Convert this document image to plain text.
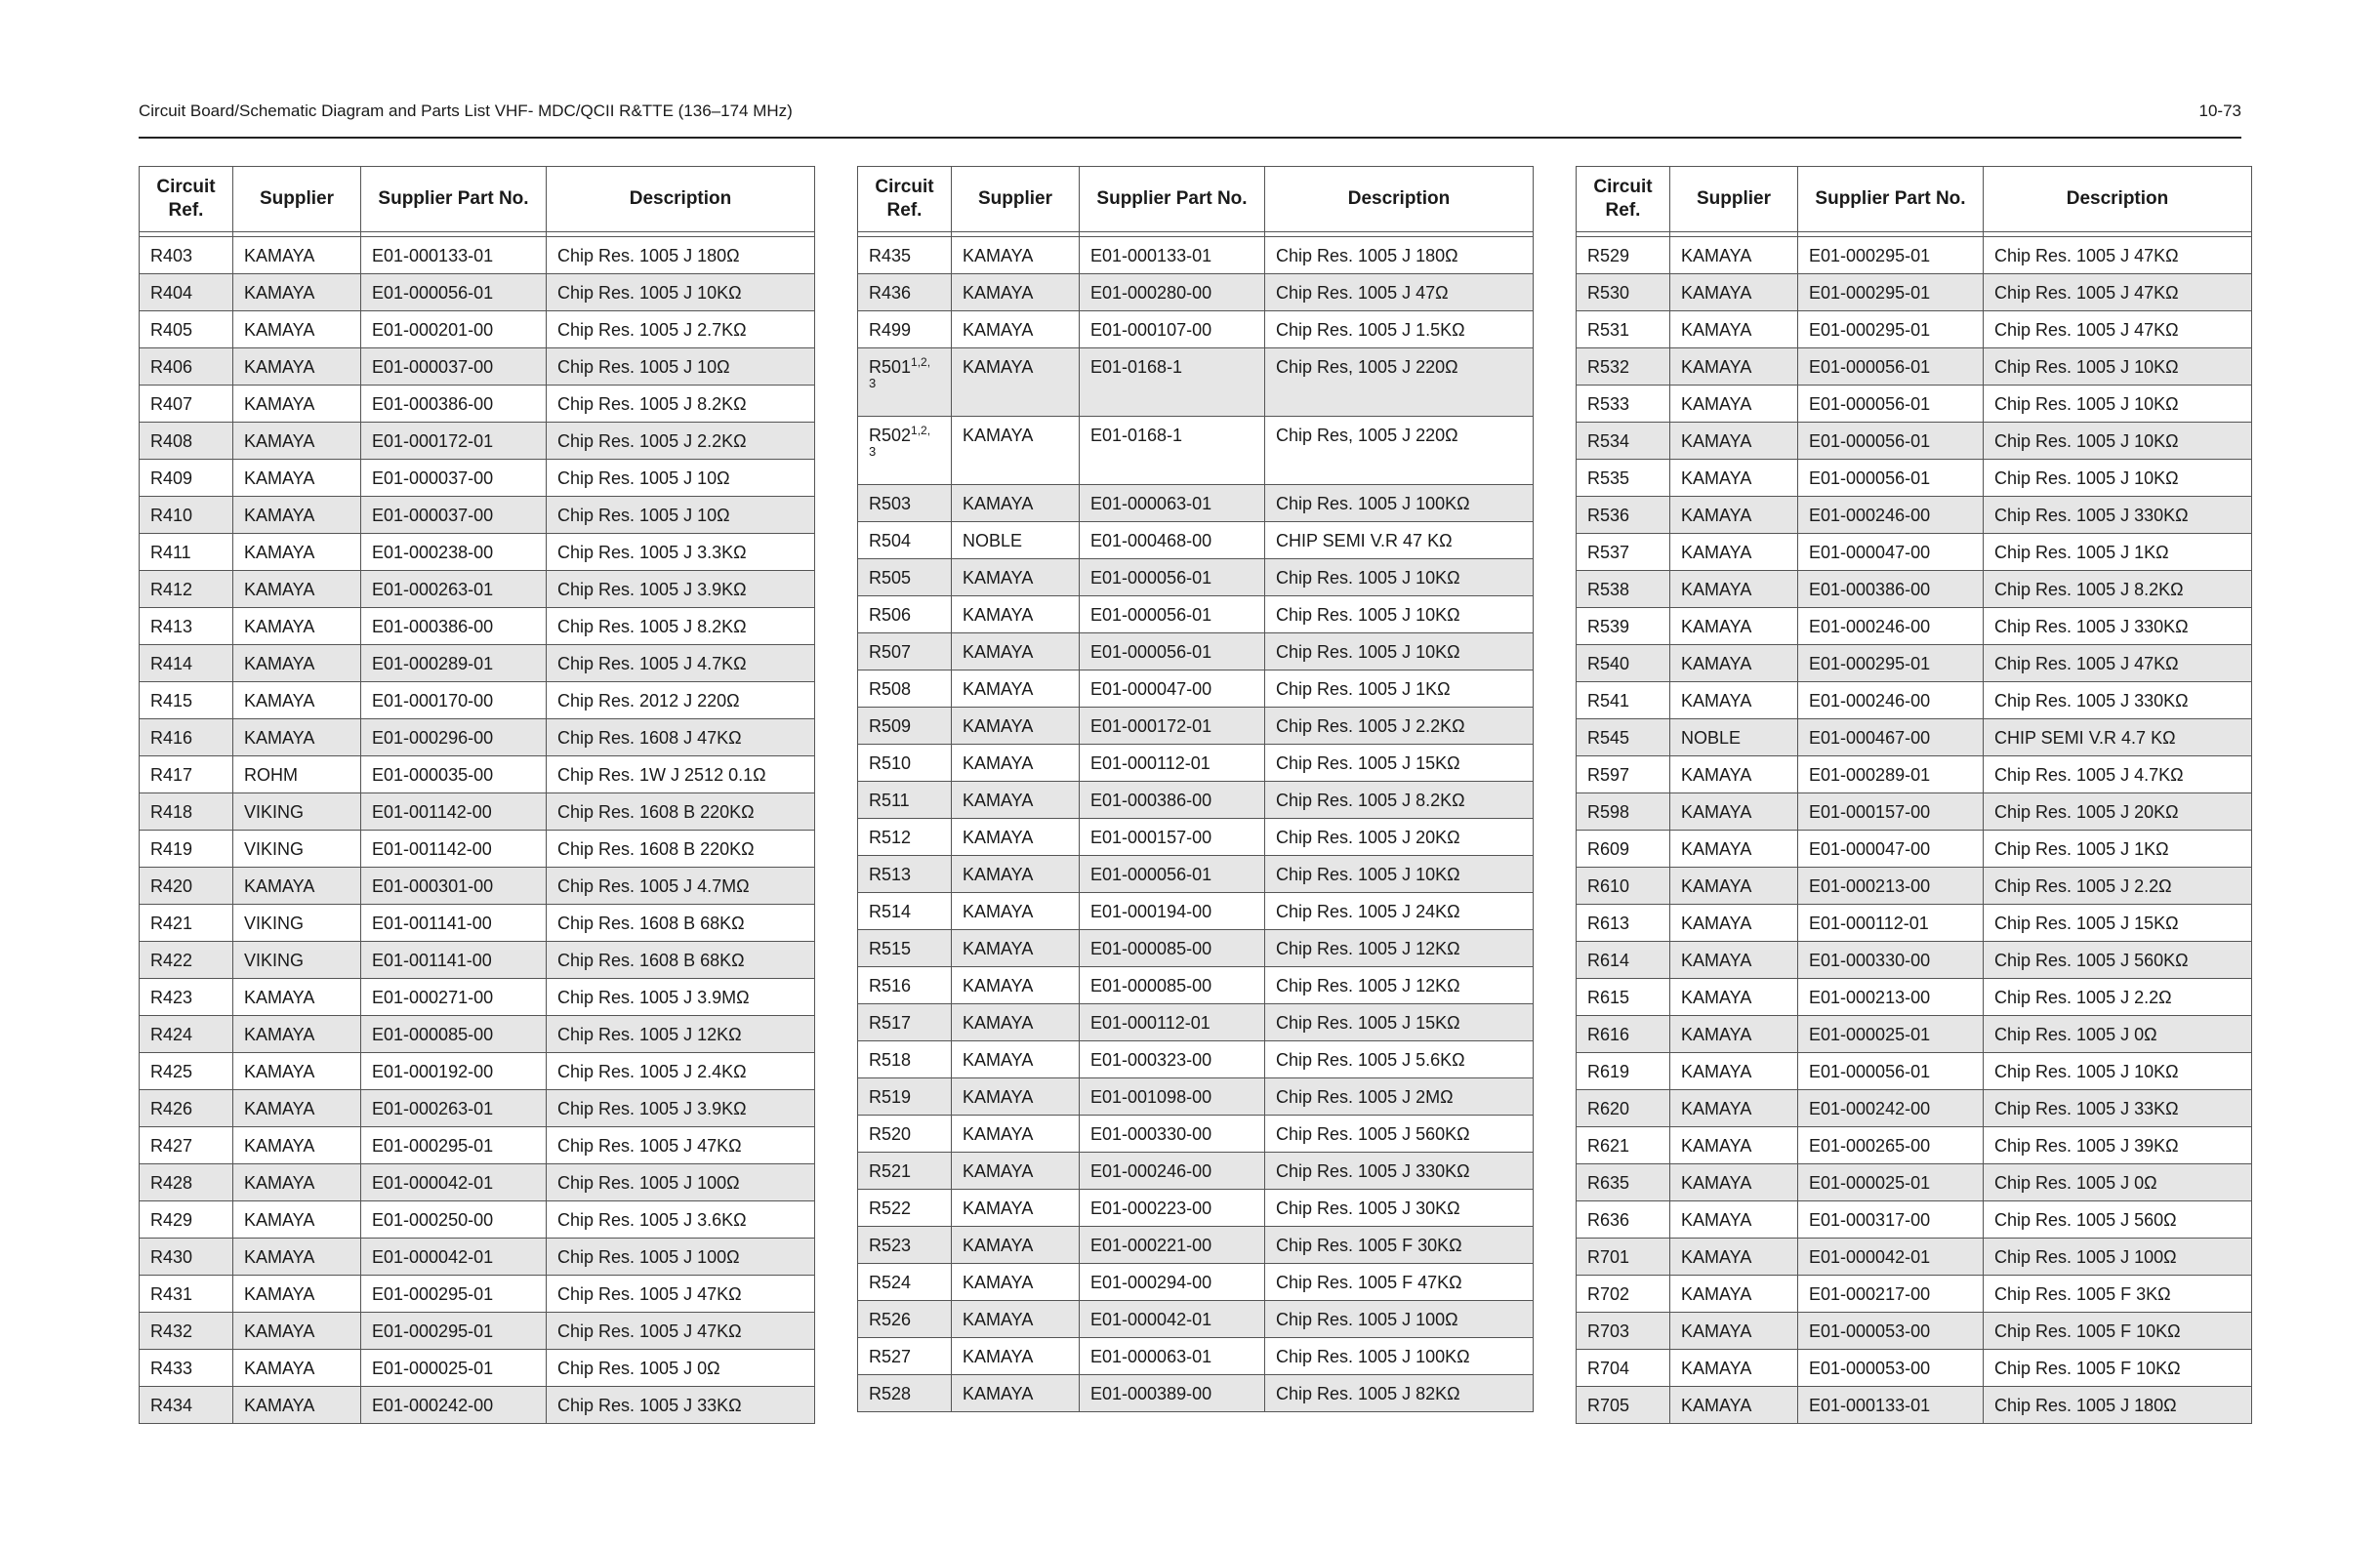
Circuit Board/Schematic Diagram and Parts List VHF- MDC/QCII R&TTE (136–174 MHz)	10-73
Circuit Ref.	Supplier	Supplier Part No.	Description

R403	KAMAYA	E01-000133-01	Chip Res. 1005 J 180Ω
R404	KAMAYA	E01-000056-01	Chip Res. 1005 J 10KΩ
R405	KAMAYA	E01-000201-00	Chip Res. 1005 J 2.7KΩ
R406	KAMAYA	E01-000037-00	Chip Res. 1005 J 10Ω
R407	KAMAYA	E01-000386-00	Chip Res. 1005 J 8.2KΩ
R408	KAMAYA	E01-000172-01	Chip Res. 1005 J 2.2KΩ
R409	KAMAYA	E01-000037-00	Chip Res. 1005 J 10Ω
R410	KAMAYA	E01-000037-00	Chip Res. 1005 J 10Ω
R411	KAMAYA	E01-000238-00	Chip Res. 1005 J 3.3KΩ
R412	KAMAYA	E01-000263-01	Chip Res. 1005 J 3.9KΩ
R413	KAMAYA	E01-000386-00	Chip Res. 1005 J 8.2KΩ
R414	KAMAYA	E01-000289-01	Chip Res. 1005 J 4.7KΩ
R415	KAMAYA	E01-000170-00	Chip Res. 2012 J 220Ω
R416	KAMAYA	E01-000296-00	Chip Res. 1608 J 47KΩ
R417	ROHM	E01-000035-00	Chip Res. 1W J 2512 0.1Ω
R418	VIKING	E01-001142-00	Chip Res. 1608 B 220KΩ
R419	VIKING	E01-001142-00	Chip Res. 1608 B 220KΩ
R420	KAMAYA	E01-000301-00	Chip Res. 1005 J 4.7MΩ
R421	VIKING	E01-001141-00	Chip Res. 1608 B 68KΩ
R422	VIKING	E01-001141-00	Chip Res. 1608 B 68KΩ
R423	KAMAYA	E01-000271-00	Chip Res. 1005 J 3.9MΩ
R424	KAMAYA	E01-000085-00	Chip Res. 1005 J 12KΩ
R425	KAMAYA	E01-000192-00	Chip Res. 1005 J 2.4KΩ
R426	KAMAYA	E01-000263-01	Chip Res. 1005 J 3.9KΩ
R427	KAMAYA	E01-000295-01	Chip Res. 1005 J 47KΩ
R428	KAMAYA	E01-000042-01	Chip Res. 1005 J 100Ω
R429	KAMAYA	E01-000250-00	Chip Res. 1005 J 3.6KΩ
R430	KAMAYA	E01-000042-01	Chip Res. 1005 J 100Ω
R431	KAMAYA	E01-000295-01	Chip Res. 1005 J 47KΩ
R432	KAMAYA	E01-000295-01	Chip Res. 1005 J 47KΩ
R433	KAMAYA	E01-000025-01	Chip Res. 1005 J 0Ω
R434	KAMAYA	E01-000242-00	Chip Res. 1005 J 33KΩ
Circuit Ref.	Supplier	Supplier Part No.	Description

R435	KAMAYA	E01-000133-01	Chip Res. 1005 J 180Ω
R436	KAMAYA	E01-000280-00	Chip Res. 1005 J 47Ω
R499	KAMAYA	E01-000107-00	Chip Res. 1005 J 1.5KΩ
$R501^{1,2,}$
3	KAMAYA	E01-0168-1	Chip Res, 1005 J 220Ω
$R502^{1,2,}$
3	KAMAYA	E01-0168-1	Chip Res, 1005 J 220Ω
R503	KAMAYA	E01-000063-01	Chip Res. 1005 J 100KΩ
R504	NOBLE	E01-000468-00	CHIP SEMI V.R 47 KΩ
R505	KAMAYA	E01-000056-01	Chip Res. 1005 J 10KΩ
R506	KAMAYA	E01-000056-01	Chip Res. 1005 J 10KΩ
R507	KAMAYA	E01-000056-01	Chip Res. 1005 J 10KΩ
R508	KAMAYA	E01-000047-00	Chip Res. 1005 J 1KΩ
R509	KAMAYA	E01-000172-01	Chip Res. 1005 J 2.2KΩ
R510	KAMAYA	E01-000112-01	Chip Res. 1005 J 15KΩ
R511	KAMAYA	E01-000386-00	Chip Res. 1005 J 8.2KΩ
R512	KAMAYA	E01-000157-00	Chip Res. 1005 J 20KΩ
R513	KAMAYA	E01-000056-01	Chip Res. 1005 J 10KΩ
R514	KAMAYA	E01-000194-00	Chip Res. 1005 J 24KΩ
R515	KAMAYA	E01-000085-00	Chip Res. 1005 J 12KΩ
R516	KAMAYA	E01-000085-00	Chip Res. 1005 J 12KΩ
R517	KAMAYA	E01-000112-01	Chip Res. 1005 J 15KΩ
R518	KAMAYA	E01-000323-00	Chip Res. 1005 J 5.6KΩ
R519	KAMAYA	E01-001098-00	Chip Res. 1005 J 2MΩ
R520	KAMAYA	E01-000330-00	Chip Res. 1005 J 560KΩ
R521	KAMAYA	E01-000246-00	Chip Res. 1005 J 330KΩ
R522	KAMAYA	E01-000223-00	Chip Res. 1005 J 30KΩ
R523	KAMAYA	E01-000221-00	Chip Res. 1005 F 30KΩ
R524	KAMAYA	E01-000294-00	Chip Res. 1005 F 47KΩ
R526	KAMAYA	E01-000042-01	Chip Res. 1005 J 100Ω
R527	KAMAYA	E01-000063-01	Chip Res. 1005 J 100KΩ
R528	KAMAYA	E01-000389-00	Chip Res. 1005 J 82KΩ
Circuit Ref.	Supplier	Supplier Part No.	Description

R529	KAMAYA	E01-000295-01	Chip Res. 1005 J 47KΩ
R530	KAMAYA	E01-000295-01	Chip Res. 1005 J 47KΩ
R531	KAMAYA	E01-000295-01	Chip Res. 1005 J 47KΩ
R532	KAMAYA	E01-000056-01	Chip Res. 1005 J 10KΩ
R533	KAMAYA	E01-000056-01	Chip Res. 1005 J 10KΩ
R534	KAMAYA	E01-000056-01	Chip Res. 1005 J 10KΩ
R535	KAMAYA	E01-000056-01	Chip Res. 1005 J 10KΩ
R536	KAMAYA	E01-000246-00	Chip Res. 1005 J 330KΩ
R537	KAMAYA	E01-000047-00	Chip Res. 1005 J 1KΩ
R538	KAMAYA	E01-000386-00	Chip Res. 1005 J 8.2KΩ
R539	KAMAYA	E01-000246-00	Chip Res. 1005 J 330KΩ
R540	KAMAYA	E01-000295-01	Chip Res. 1005 J 47KΩ
R541	KAMAYA	E01-000246-00	Chip Res. 1005 J 330KΩ
R545	NOBLE	E01-000467-00	CHIP SEMI V.R 4.7 KΩ
R597	KAMAYA	E01-000289-01	Chip Res. 1005 J 4.7KΩ
R598	KAMAYA	E01-000157-00	Chip Res. 1005 J 20KΩ
R609	KAMAYA	E01-000047-00	Chip Res. 1005 J 1KΩ
R610	KAMAYA	E01-000213-00	Chip Res. 1005 J 2.2Ω
R613	KAMAYA	E01-000112-01	Chip Res. 1005 J 15KΩ
R614	KAMAYA	E01-000330-00	Chip Res. 1005 J 560KΩ
R615	KAMAYA	E01-000213-00	Chip Res. 1005 J 2.2Ω
R616	KAMAYA	E01-000025-01	Chip Res. 1005 J 0Ω
R619	KAMAYA	E01-000056-01	Chip Res. 1005 J 10KΩ
R620	KAMAYA	E01-000242-00	Chip Res. 1005 J 33KΩ
R621	KAMAYA	E01-000265-00	Chip Res. 1005 J 39KΩ
R635	KAMAYA	E01-000025-01	Chip Res. 1005 J 0Ω
R636	KAMAYA	E01-000317-00	Chip Res. 1005 J 560Ω
R701	KAMAYA	E01-000042-01	Chip Res. 1005 J 100Ω
R702	KAMAYA	E01-000217-00	Chip Res. 1005 F 3KΩ
R703	KAMAYA	E01-000053-00	Chip Res. 1005 F 10KΩ
R704	KAMAYA	E01-000053-00	Chip Res. 1005 F 10KΩ
R705	KAMAYA	E01-000133-01	Chip Res. 1005 J 180Ω
